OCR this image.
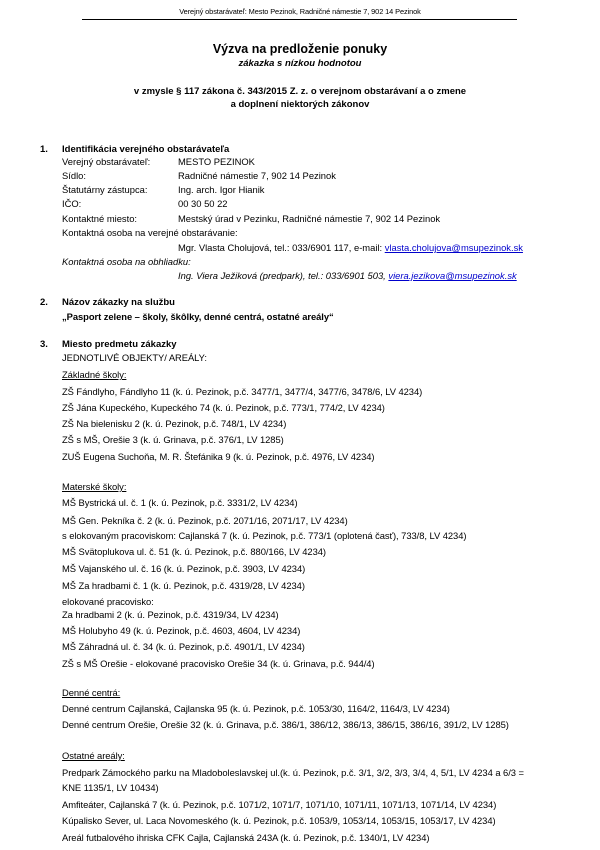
Verejný obstarávateľ: Mesto Pezinok, Radničné námestie 7, 902 14 Pezinok
Výzva na predloženie ponuky
zákazka s nízkou hodnotou
v zmysle § 117 zákona č. 343/2015 Z. z. o verejnom obstarávaní a o zmene
a doplnení niektorých zákonov
1. Identifikácia verejného obstarávateľa
Verejný obstarávateľ:	MESTO PEZINOK
Sídlo:	Radničné námestie 7, 902 14 Pezinok
Štatutárny zástupca:	Ing. arch. Igor Hianik
IČO:	00 30 50 22
Kontaktné miesto:	Mestský úrad v Pezinku, Radničné námestie 7, 902 14 Pezinok
Kontaktná osoba na verejné obstarávanie:
Mgr. Vlasta Cholujová, tel.: 033/6901 117, e-mail: vlasta.cholujova@msupezinok.sk
Kontaktná osoba na obhliadku:
Ing. Viera Ježiková (predpark), tel.: 033/6901 503, viera.jezikova@msupezinok.sk
2. Názov zákazky na službu
„Pasport zelene – školy, škôlky, denné centrá, ostatné areály“
3. Miesto predmetu zákazky
JEDNOTLIVÉ OBJEKTY/ AREÁLY:
Základné školy:
ZŠ Fándlyho, Fándlyho 11 (k. ú. Pezinok, p.č. 3477/1, 3477/4, 3477/6, 3478/6, LV 4234)
ZŠ Jána Kupeckého, Kupeckého 74 (k. ú. Pezinok, p.č. 773/1, 774/2, LV 4234)
ZŠ Na bielenisku 2 (k. ú. Pezinok, p.č. 748/1, LV 4234)
ZŠ s MŠ, Orešie 3 (k. ú. Grinava, p.č. 376/1, LV 1285)
ZUŠ Eugena Suchoňa, M. R. Štefánika 9 (k. ú. Pezinok, p.č. 4976, LV 4234)
Materské školy:
MŠ Bystrická ul. č. 1 (k. ú. Pezinok, p.č. 3331/2, LV 4234)
MŠ Gen. Pekníka č. 2 (k. ú. Pezinok, p.č. 2071/16, 2071/17, LV 4234)
s elokovaným pracoviskom: Cajlanská 7 (k. ú. Pezinok, p.č. 773/1 (oplotená časť), 733/8, LV 4234)
MŠ Svätoplukova ul. č. 51 (k. ú. Pezinok, p.č. 880/166, LV 4234)
MŠ Vajanského ul. č. 16 (k. ú. Pezinok, p.č. 3903, LV 4234)
MŠ Za hradbami č. 1 (k. ú. Pezinok, p.č. 4319/28, LV 4234)
elokované pracovisko:
Za hradbami 2 (k. ú. Pezinok, p.č. 4319/34, LV 4234)
MŠ Holubyho 49 (k. ú. Pezinok, p.č. 4603, 4604, LV 4234)
MŠ Záhradná ul. č. 34 (k. ú. Pezinok, p.č. 4901/1, LV 4234)
ZŠ s MŠ Orešie - elokované pracovisko Orešie 34 (k. ú. Grinava, p.č. 944/4)
Denné centrá:
Denné centrum Cajlanská, Cajlanska 95 (k. ú. Pezinok, p.č. 1053/30, 1164/2, 1164/3, LV 4234)
Denné centrum Orešie, Orešie 32 (k. ú. Grinava, p.č. 386/1, 386/12, 386/13, 386/15, 386/16, 391/2, LV 1285)
Ostatné areály:
Predpark Zámockého parku na Mladoboleslavskej ul.(k. ú. Pezinok, p.č. 3/1, 3/2, 3/3, 3/4, 4, 5/1, LV 4234 a 6/3 =
KNE 1135/1, LV 10434)
Amfiteáter, Cajlanská 7 (k. ú. Pezinok, p.č. 1071/2, 1071/7, 1071/10, 1071/11, 1071/13, 1071/14, LV 4234)
Kúpalisko Sever, ul. Laca Novomeského (k. ú. Pezinok, p.č. 1053/9, 1053/14, 1053/15, 1053/17, LV 4234)
Areál futbalového ihriska CFK Cajla, Cajlanská 243A (k. ú. Pezinok, p.č. 1340/1, LV 4234)
